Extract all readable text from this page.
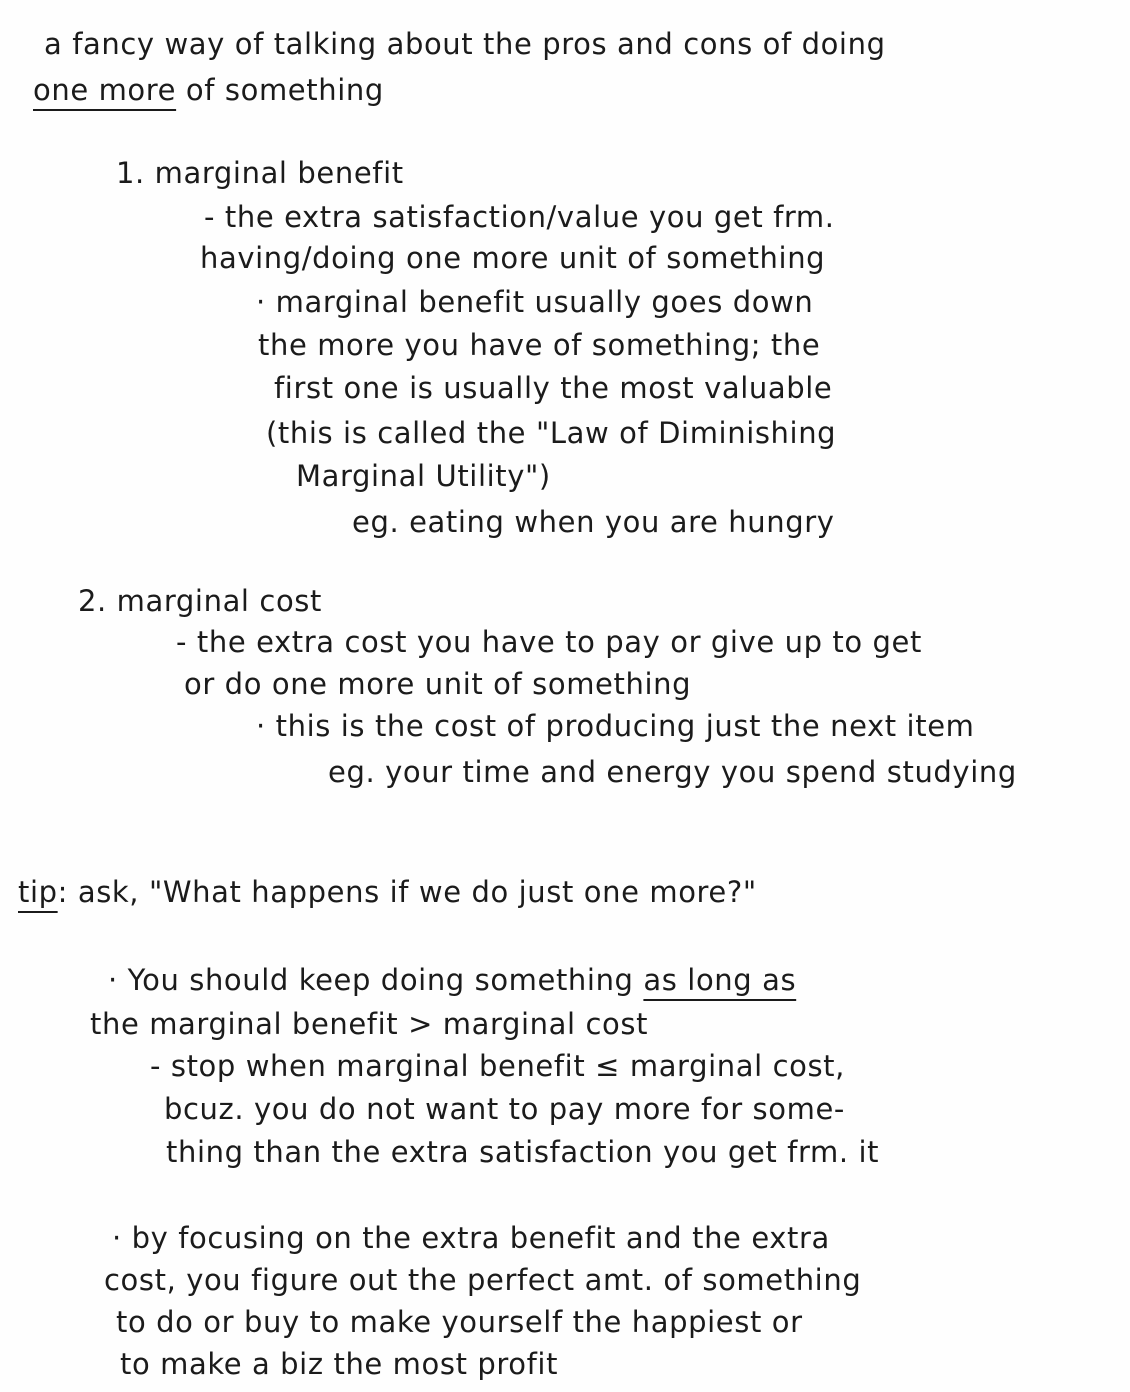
a fancy way of talking about the pros and cons of doing
one more of something
1. marginal benefit
- the extra satisfaction/value you get frm.
having/doing one more unit of something
· marginal benefit usually goes down
the more you have of something; the
first one is usually the most valuable
(this is called the "Law of Diminishing
Marginal Utility")
eg. eating when you are hungry
2. marginal cost
- the extra cost you have to pay or give up to get
or do one more unit of something
· this is the cost of producing just the next item
eg. your time and energy you spend studying
tip: ask, "What happens if we do just one more?"
· You should keep doing something as long as
the marginal benefit > marginal cost
- stop when marginal benefit ≤ marginal cost,
bcuz. you do not want to pay more for some-
thing than the extra satisfaction you get frm. it
· by focusing on the extra benefit and the extra
cost, you figure out the perfect amt. of something
to do or buy to make yourself the happiest or
to make a biz the most profit
